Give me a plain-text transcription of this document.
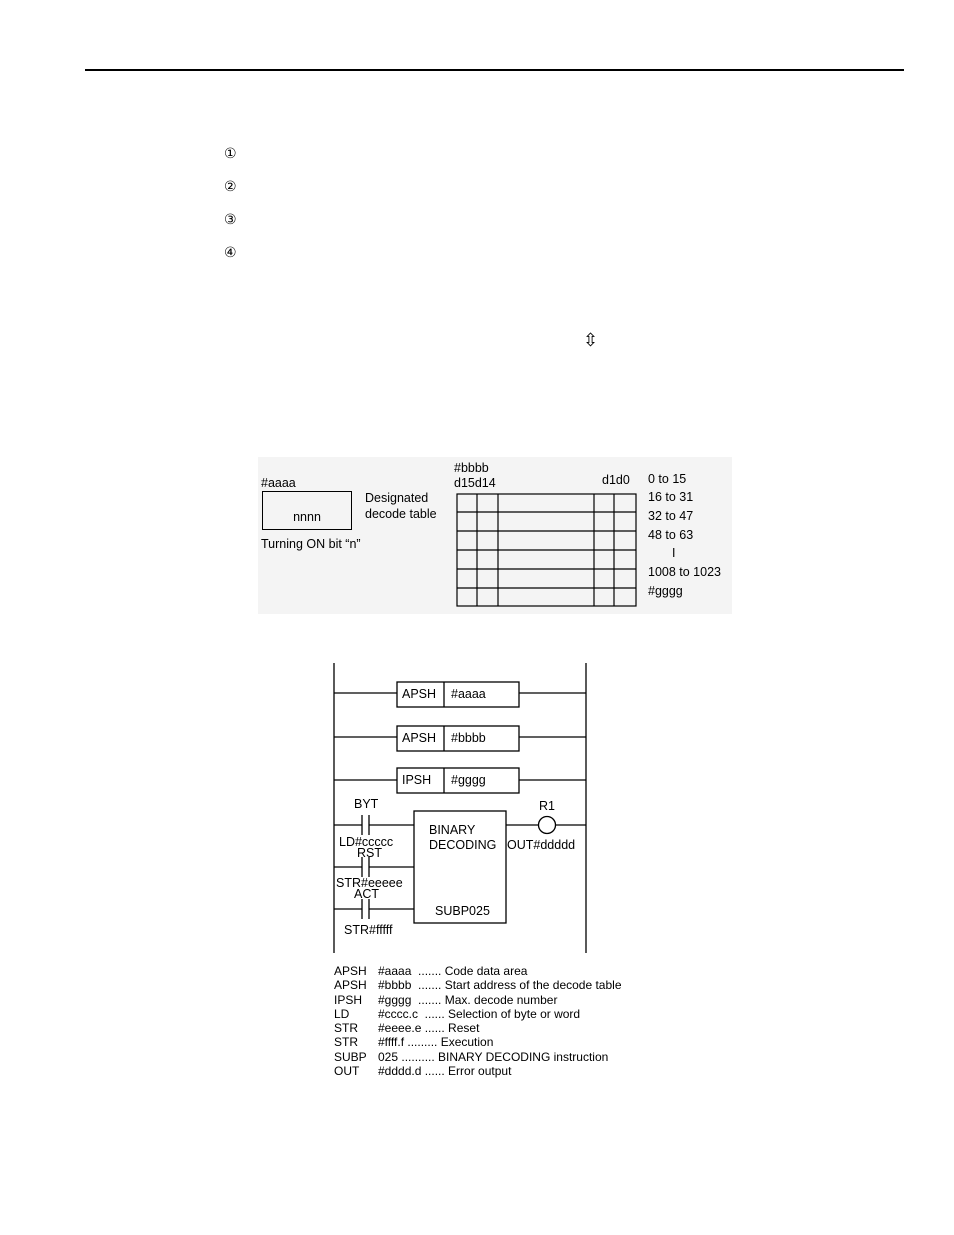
①
②
③
④
⇳
#aaaa
nnnn
Designated
decode table
Turning ON bit “n”
#bbbb
d15d14	d1d0 0 to 15
16 to 31
32 to 47
48 to 63
I
1008 to 1023
#gggg
APSH #aaaa
APSH #bbbb
IPSH #gggg
BYT
LD#ccccc
RST
STR#eeeee
ACT
STR#fffff
BINARY
DECODING
SUBP025
R1
OUT#ddddd
APSH #aaaa  ....... Code data area
APSH #bbbb  ....... Start address of the decode table
IPSH	#gggg  ....... Max. decode number
LD	#cccc.c  ...... Selection of byte or word
STR	#eeee.e ...... Reset
STR	#ffff.f ......... Execution
SUBP 025 .......... BINARY DECODING instruction
OUT	#dddd.d ...... Error output
